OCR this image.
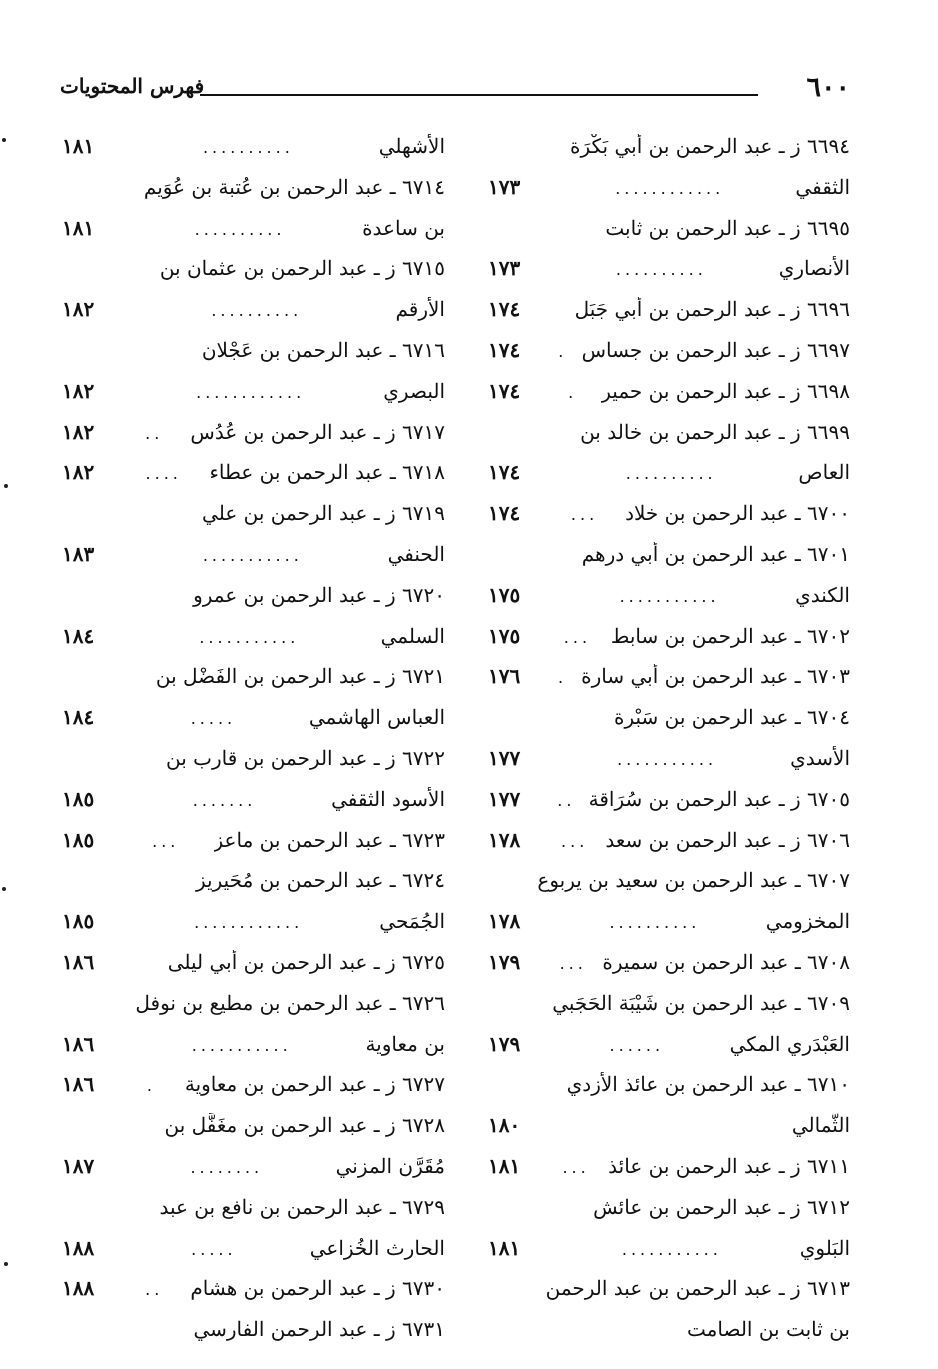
٦٠٠
فهرس المحتويات
٦٦٩٤ ز ـ عبد الرحمن بن أبي بَكْرَة
الثقفي
............
١٧٣
٦٦٩٥ ز ـ عبد الرحمن بن ثابت
الأنصاري
..........
١٧٣
٦٦٩٦ ز ـ عبد الرحمن بن أبي جَبَل
١٧٤
٦٦٩٧ ز ـ عبد الرحمن بن جساس
.
١٧٤
٦٦٩٨ ز ـ عبد الرحمن بن حمير
.
١٧٤
٦٦٩٩ ز ـ عبد الرحمن بن خالد بن
العاص
..........
١٧٤
٦٧٠٠ ـ عبد الرحمن بن خلاد
...
١٧٤
٦٧٠١ ـ عبد الرحمن بن أبي درهم
الكندي
...........
١٧٥
٦٧٠٢ ـ عبد الرحمن بن سابط
...
١٧٥
٦٧٠٣ ـ عبد الرحمن بن أبي سارة
.
١٧٦
٦٧٠٤ ـ عبد الرحمن بن سَبْرة
الأسدي
...........
١٧٧
٦٧٠٥ ز ـ عبد الرحمن بن سُرَاقة
..
١٧٧
٦٧٠٦ ز ـ عبد الرحمن بن سعد
...
١٧٨
٦٧٠٧ ـ عبد الرحمن بن سعيد بن يربوع
المخزومي
..........
١٧٨
٦٧٠٨ ـ عبد الرحمن بن سميرة
...
١٧٩
٦٧٠٩ ـ عبد الرحمن بن شَيْبَة الحَجَبي
العَبْدَري المكي
......
١٧٩
٦٧١٠ ـ عبد الرحمن بن عائذ الأزدي
الثُّمالي
١٨٠
٦٧١١ ز ـ عبد الرحمن بن عائذ
...
١٨١
٦٧١٢ ز ـ عبد الرحمن بن عائش
البَلوي
...........
١٨١
٦٧١٣ ز ـ عبد الرحمن بن عبد الرحمن
بن ثابت بن الصامت
الأشهلي
..........
١٨١
٦٧١٤ ـ عبد الرحمن بن عُتبة بن عُوَيم
بن ساعدة
..........
١٨١
٦٧١٥ ز ـ عبد الرحمن بن عثمان بن
الأرقم
..........
١٨٢
٦٧١٦ ـ عبد الرحمن بن عَجْلان
البصري
............
١٨٢
٦٧١٧ ز ـ عبد الرحمن بن عُدُس
..
١٨٢
٦٧١٨ ـ عبد الرحمن بن عطاء
....
١٨٢
٦٧١٩ ز ـ عبد الرحمن بن علي
الحنفي
...........
١٨٣
٦٧٢٠ ز ـ عبد الرحمن بن عمرو
السلمي
...........
١٨٤
٦٧٢١ ز ـ عبد الرحمن بن الفَضْل بن
العباس الهاشمي
.....
١٨٤
٦٧٢٢ ز ـ عبد الرحمن بن قارب بن
الأسود الثقفي
.......
١٨٥
٦٧٢٣ ـ عبد الرحمن بن ماعز
...
١٨٥
٦٧٢٤ ـ عبد الرحمن بن مُحَيريز
الجُمَحي
............
١٨٥
٦٧٢٥ ز ـ عبد الرحمن بن أبي ليلى
١٨٦
٦٧٢٦ ـ عبد الرحمن بن مطيع بن نوفل
بن معاوية
...........
١٨٦
٦٧٢٧ ز ـ عبد الرحمن بن معاوية
.
١٨٦
٦٧٢٨ ز ـ عبد الرحمن بن مغَفَّل بن
مُقَرَّن المزني
........
١٨٧
٦٧٢٩ ـ عبد الرحمن بن نافع بن عبد
الحارث الخُزاعي
.....
١٨٨
٦٧٣٠ ز ـ عبد الرحمن بن هشام
..
١٨٨
٦٧٣١ ز ـ عبد الرحمن الفارسي
